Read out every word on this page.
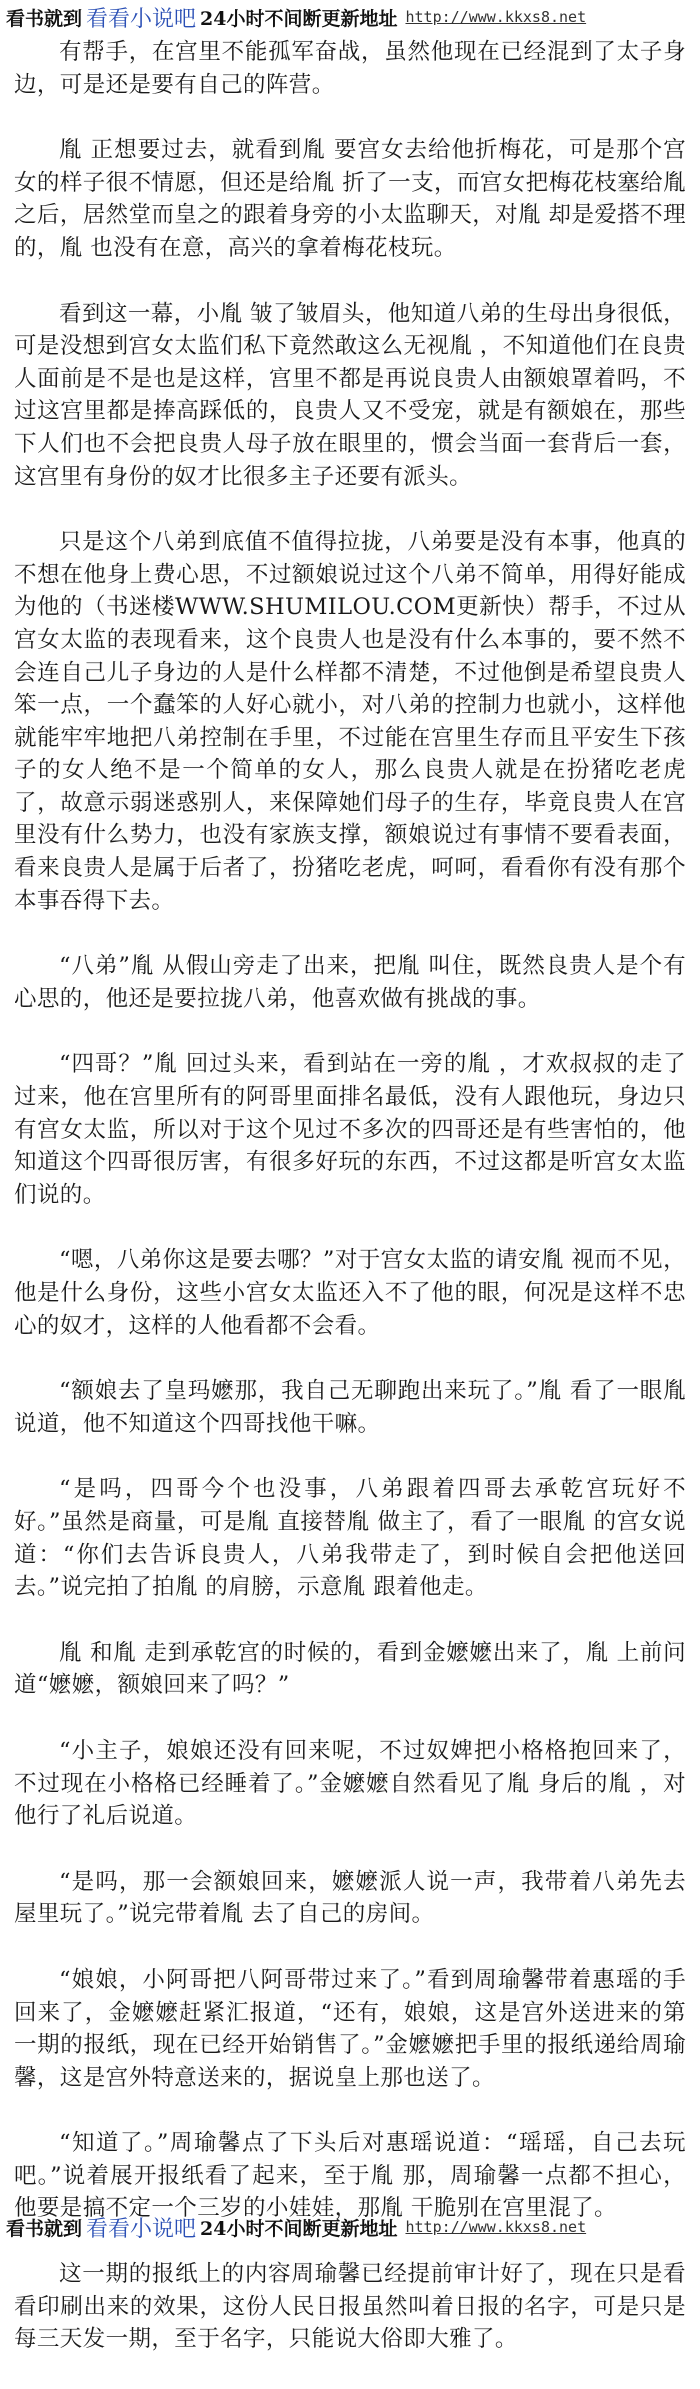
看书就到 看看小说吧 24小时不间断更新地址 http://www.kkxs8.net

有帮手，在宫里不能孤军奋战，虽然他现在已经混到了太子身边，可是还是要有自己的阵营。

胤 正想要过去，就看到胤 要宫女去给他折梅花，可是那个宫女的样子很不情愿，但还是给胤 折了一支，而宫女把梅花枝塞给胤 之后，居然堂而皇之的跟着身旁的小太监聊天，对胤 却是爱搭不理的，胤 也没有在意，高兴的拿着梅花枝玩。

看到这一幕，小胤 皱了皱眉头，他知道八弟的生母出身很低，可是没想到宫女太监们私下竟然敢这么无视胤 ，不知道他们在良贵人面前是不是也是这样，宫里不都是再说良贵人由额娘罩着吗，不过这宫里都是捧高踩低的，良贵人又不受宠，就是有额娘在，那些下人们也不会把良贵人母子放在眼里的，惯会当面一套背后一套，这宫里有身份的奴才比很多主子还要有派头。

只是这个八弟到底值不值得拉拢，八弟要是没有本事，他真的不想在他身上费心思，不过额娘说过这个八弟不简单，用得好能成为他的（书迷楼WWW.SHUMILOU.COM更新快）帮手，不过从宫女太监的表现看来，这个良贵人也是没有什么本事的，要不然不会连自己儿子身边的人是什么样都不清楚，不过他倒是希望良贵人笨一点，一个蠢笨的人好心就小，对八弟的控制力也就小，这样他就能牢牢地把八弟控制在手里，不过能在宫里生存而且平安生下孩子的女人绝不是一个简单的女人，那么良贵人就是在扮猪吃老虎了，故意示弱迷惑别人，来保障她们母子的生存，毕竟良贵人在宫里没有什么势力，也没有家族支撑，额娘说过有事情不要看表面，看来良贵人是属于后者了，扮猪吃老虎，呵呵，看看你有没有那个本事吞得下去。

“八弟”胤 从假山旁走了出来，把胤 叫住，既然良贵人是个有心思的，他还是要拉拢八弟，他喜欢做有挑战的事。

“四哥？”胤 回过头来，看到站在一旁的胤 ，才欢叔叔的走了过来，他在宫里所有的阿哥里面排名最低，没有人跟他玩，身边只有宫女太监，所以对于这个见过不多次的四哥还是有些害怕的，他知道这个四哥很厉害，有很多好玩的东西，不过这都是听宫女太监们说的。

“嗯，八弟你这是要去哪？”对于宫女太监的请安胤 视而不见，他是什么身份，这些小宫女太监还入不了他的眼，何况是这样不忠心的奴才，这样的人他看都不会看。

“额娘去了皇玛嬷那，我自己无聊跑出来玩了。”胤 看了一眼胤 说道，他不知道这个四哥找他干嘛。

“是吗，四哥今个也没事，八弟跟着四哥去承乾宫玩好不好。”虽然是商量，可是胤 直接替胤 做主了，看了一眼胤 的宫女说道：“你们去告诉良贵人，八弟我带走了，到时候自会把他送回去。”说完拍了拍胤 的肩膀，示意胤 跟着他走。

胤 和胤 走到承乾宫的时候的，看到金嬷嬷出来了，胤 上前问道“嬷嬷，额娘回来了吗？”

“小主子，娘娘还没有回来呢，不过奴婢把小格格抱回来了，不过现在小格格已经睡着了。”金嬷嬷自然看见了胤 身后的胤 ，对他行了礼后说道。

“是吗，那一会额娘回来，嬷嬷派人说一声，我带着八弟先去屋里玩了。”说完带着胤 去了自己的房间。

“娘娘，小阿哥把八阿哥带过来了。”看到周瑜馨带着惠瑶的手回来了，金嬷嬷赶紧汇报道，“还有，娘娘，这是宫外送进来的第一期的报纸，现在已经开始销售了。”金嬷嬷把手里的报纸递给周瑜馨，这是宫外特意送来的，据说皇上那也送了。

“知道了。”周瑜馨点了下头后对惠瑶说道：“瑶瑶，自己去玩吧。”说着展开报纸看了起来，至于胤 那，周瑜馨一点都不担心，他要是搞不定一个三岁的小娃娃，那胤 干脆别在宫里混了。

这一期的报纸上的内容周瑜馨已经提前审计好了，现在只是看看印刷出来的效果，这份人民日报虽然叫着日报的名字，可是只是每三天发一期，至于名字，只能说大俗即大雅了。

看书就到 看看小说吧 24小时不间断更新地址 http://www.kkxs8.net
